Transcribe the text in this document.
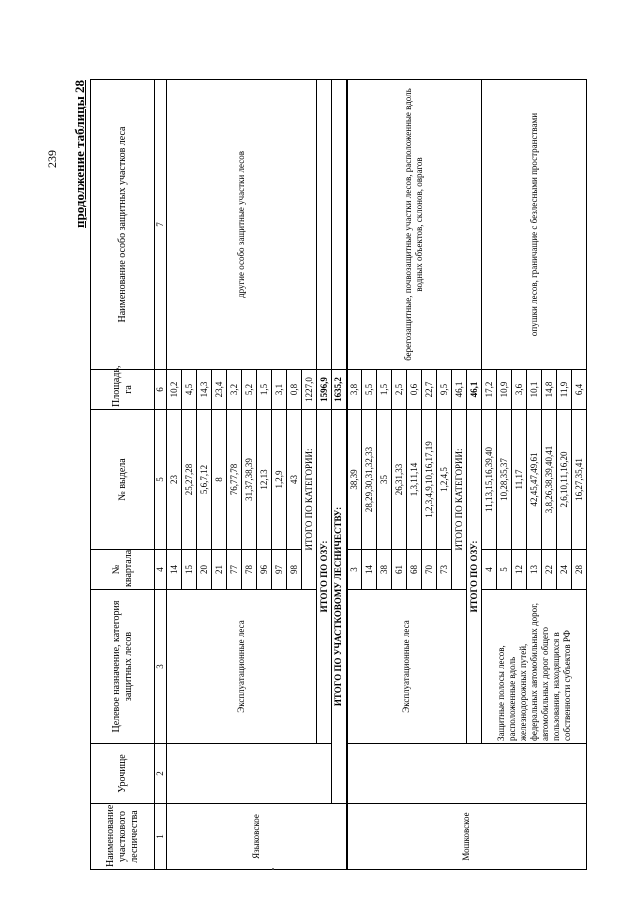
239 продолжение таблицы 28
Наименование участкового лесничества	Урочище	Целевое назначение, категория защитных лесов	№ квартала	№ выдела	Площадь, га	Наименование особо защитных участков леса
1	2	3	4	5	6	7
Языковское		Эксплуатационные леса	14	23	10,2	другие особо защитные участки лесов
			15	25,27,28	4,5	
			20	5,6,7,12	14,3	
			21	8	23,4	
			77	76,77,78	3,2	
			78	31,37,38,39	5,2	
			96	12,13	1,5	
			97	1,2,9	3,1	
			98	43	0,8	
			ИТОГО ПО КАТЕГОРИИ:		1227,0	
		ИТОГО ПО ОЗУ:			1596,9	
	ИТОГО ПО УЧАСТКОВОМУ ЛЕСНИЧЕСТВУ:				1635,2	
Мошковское		Эксплуатационные леса	3	38,39	3,8	берегозащитные, почвозащитные участки лесов, расположенные вдоль водных объектов, склонов, оврагов
			14	28,29,30,31,32,33	5,5	
			38	35	1,5	
			61	26,31,33	2,5	
			68	1,3,11,14	0,6	
			70	1,2,3,4,9,10,16,17,19	22,7	
			73	1,2,4,5	9,5	
			ИТОГО ПО КАТЕГОРИИ:		46,1	
		ИТОГО ПО ОЗУ:			46,1	
		Защитные полосы лесов, расположенные вдоль железнодорожных путей, федеральных автомобильных дорог, автомобильных дорог общего пользования, находящихся в собственности субъектов РФ	4	11,13,15,16,39,40	17,2	опушки лесов, граничащие с безлесными пространствами
			5	10,28,35,37	10,9	
			12	11,17	3,6	
			13	42,45,47,49,61	10,1	
			22	3,8,26,38,39,40,41	14,8	
			24	2,6,10,11,16,20	11,9	
			28	16,27,35,41	6,4	
